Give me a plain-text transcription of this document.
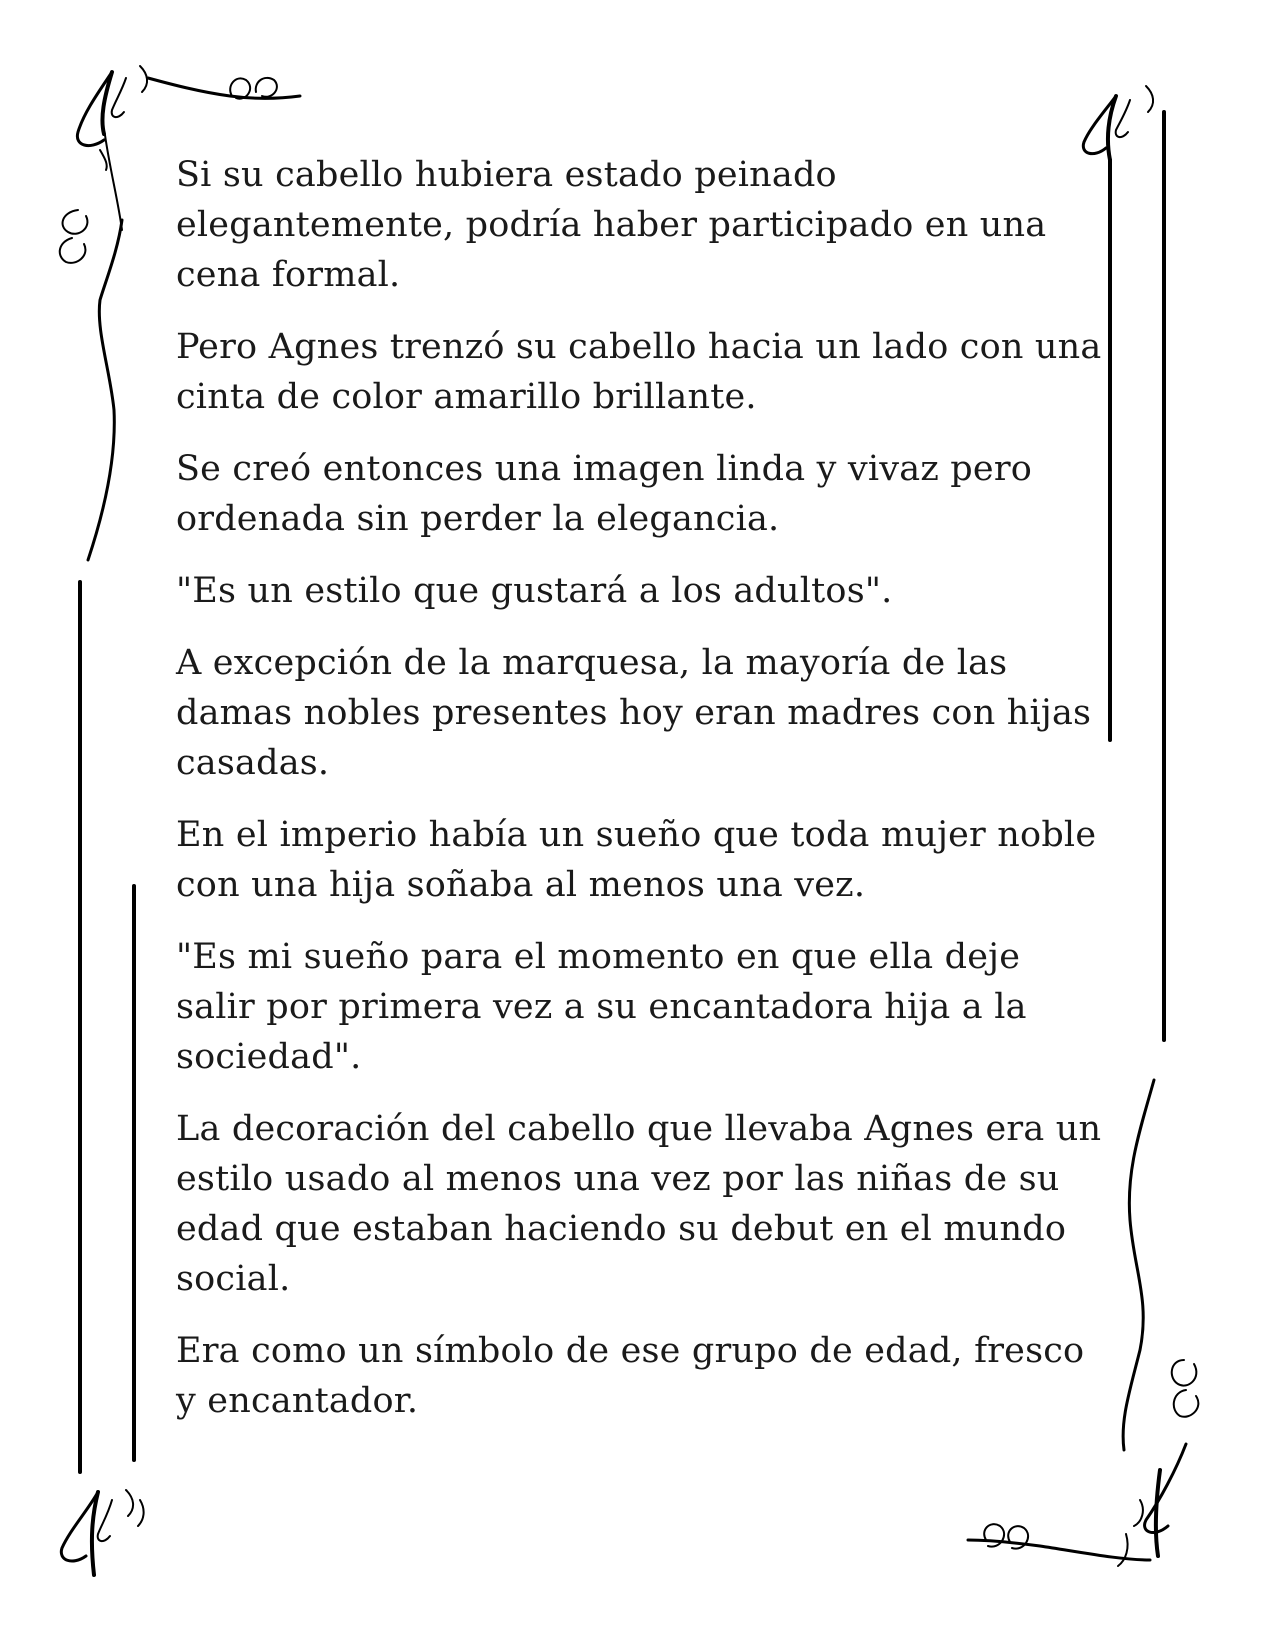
Si su cabello hubiera estado peinado elegantemente, podría haber participado en una cena formal.

Pero Agnes trenzó su cabello hacia un lado con una cinta de color amarillo brillante.

Se creó entonces una imagen linda y vivaz pero ordenada sin perder la elegancia.

"Es un estilo que gustará a los adultos".

A excepción de la marquesa, la mayoría de las damas nobles presentes hoy eran madres con hijas casadas.

En el imperio había un sueño que toda mujer noble con una hija soñaba al menos una vez.

"Es mi sueño para el momento en que ella deje salir por primera vez a su encantadora hija a la sociedad".

La decoración del cabello que llevaba Agnes era un estilo usado al menos una vez por las niñas de su edad que estaban haciendo su debut en el mundo social.

Era como un símbolo de ese grupo de edad, fresco y encantador.
